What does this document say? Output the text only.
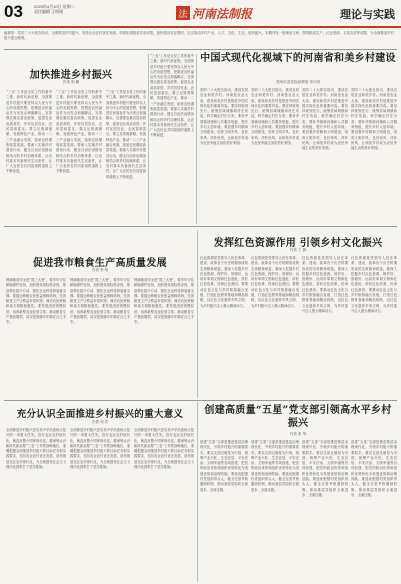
03	2023年4月10日 星期二
责任编辑 王明刚	法 河南法制报	理论与实践
编者按：党的二十大报告指出，全面推进乡村振兴，坚持农业农村优先发展，巩固拓展脱贫攻坚成果，加快建设农业强国，扎实推动乡村产业、人才、文化、生态、组织振兴。本期刊发一组理论文章，围绕粮食生产、红色资源、五星支部等话题，为全面推进乡村振兴建言献策。
加快推进乡村振兴
作者 郭 鹏
“三农”工作是全党工作的重中之重。新时代新征程，全面推进乡村振兴要坚持以人民为中心的发展思想，把增进农民福祉作为出发点和落脚点，完善强农惠农富农政策，促进农业高质高效、乡村宜居宜业、农民富裕富足。要立足资源禀赋，发展特色产业，推动一二三产业融合发展，拓宽农民增收致富渠道。要深入实施乡村建设行动，健全自治法治德治相结合的乡村治理体系，让农村基本具备现代生活条件，让广大农民在共同富裕的道路上不断前进。
“三农”工作是全党工作的重中之重。新时代新征程，全面推进乡村振兴要坚持以人民为中心的发展思想，把增进农民福祉作为出发点和落脚点，完善强农惠农富农政策，促进农业高质高效、乡村宜居宜业、农民富裕富足。要立足资源禀赋，发展特色产业，推动一二三产业融合发展，拓宽农民增收致富渠道。要深入实施乡村建设行动，健全自治法治德治相结合的乡村治理体系，让农村基本具备现代生活条件，让广大农民在共同富裕的道路上不断前进。
“三农”工作是全党工作的重中之重。新时代新征程，全面推进乡村振兴要坚持以人民为中心的发展思想，把增进农民福祉作为出发点和落脚点，完善强农惠农富农政策，促进农业高质高效、乡村宜居宜业、农民富裕富足。要立足资源禀赋，发展特色产业，推动一二三产业融合发展，拓宽农民增收致富渠道。要深入实施乡村建设行动，健全自治法治德治相结合的乡村治理体系，让农村基本具备现代生活条件，让广大农民在共同富裕的道路上不断前进。
“三农”工作是全党工作的重中之重。新时代新征程，全面推进乡村振兴要坚持以人民为中心的发展思想，把增进农民福祉作为出发点和落脚点，完善强农惠农富农政策，促进农业高质高效、乡村宜居宜业、农民富裕富足。要立足资源禀赋，发展特色产业，推动一二三产业融合发展，拓宽农民增收致富渠道。要深入实施乡村建设行动，健全自治法治德治相结合的乡村治理体系，让农村基本具备现代生活条件，让广大农民在共同富裕的道路上不断前进。
中国式现代化视域下的河南省和美乡村建设
郑州市委党校副教授 李长明
党的二十大报告指出，建设宜居宜业和美乡村。河南是农业大省，建设和美乡村是推进中国式现代化的重要内容。要坚持规划先行，统筹县域城镇和村庄布局，科学确定村庄分类；要补齐基础设施和公共服务短板，提升乡村人居环境；要加强乡村精神文明建设，培育文明乡风、良好家风、淳朴民风，让和美乡村成为农民幸福生活的美好家园。
党的二十大报告指出，建设宜居宜业和美乡村。河南是农业大省，建设和美乡村是推进中国式现代化的重要内容。要坚持规划先行，统筹县域城镇和村庄布局，科学确定村庄分类；要补齐基础设施和公共服务短板，提升乡村人居环境；要加强乡村精神文明建设，培育文明乡风、良好家风、淳朴民风，让和美乡村成为农民幸福生活的美好家园。
党的二十大报告指出，建设宜居宜业和美乡村。河南是农业大省，建设和美乡村是推进中国式现代化的重要内容。要坚持规划先行，统筹县域城镇和村庄布局，科学确定村庄分类；要补齐基础设施和公共服务短板，提升乡村人居环境；要加强乡村精神文明建设，培育文明乡风、良好家风、淳朴民风，让和美乡村成为农民幸福生活的美好家园。
党的二十大报告指出，建设宜居宜业和美乡村。河南是农业大省，建设和美乡村是推进中国式现代化的重要内容。要坚持规划先行，统筹县域城镇和村庄布局，科学确定村庄分类；要补齐基础设施和公共服务短板，提升乡村人居环境；要加强乡村精神文明建设，培育文明乡风、良好家风、淳朴民风，让和美乡村成为农民幸福生活的美好家园。
发挥红色资源作用 引领乡村文化振兴
作者 王 静
促进我市粮食生产高质量发展
作者 李 明
保障粮食安全是“国之大者”。要牢牢守住耕地保护红线，加快建设高标准农田，推进种业振兴行动，强化农业科技和装备支撑。要健全种粮农民收益保障机制，完善粮食主产区利益补偿机制，调动农民种粮和地方抓粮积极性。要发展适度规模经营，培育新型农业经营主体，推动粮食生产提质增效，切实把饭碗牢牢端在自己手中。
保障粮食安全是“国之大者”。要牢牢守住耕地保护红线，加快建设高标准农田，推进种业振兴行动，强化农业科技和装备支撑。要健全种粮农民收益保障机制，完善粮食主产区利益补偿机制，调动农民种粮和地方抓粮积极性。要发展适度规模经营，培育新型农业经营主体，推动粮食生产提质增效，切实把饭碗牢牢端在自己手中。
保障粮食安全是“国之大者”。要牢牢守住耕地保护红线，加快建设高标准农田，推进种业振兴行动，强化农业科技和装备支撑。要健全种粮农民收益保障机制，完善粮食主产区利益补偿机制，调动农民种粮和地方抓粮积极性。要发展适度规模经营，培育新型农业经营主体，推动粮食生产提质增效，切实把饭碗牢牢端在自己手中。
红色资源是党领导人民在革命、建设、改革各个历史时期形成的宝贵精神财富。要深入挖掘乡村红色资源，保护好、管理好、运用好革命文物和红色遗址，讲好红色故事，传承红色基因。要推动红色文化与乡村旅游融合发展，打造红色教育基地和精品线路，以红色文化滋养乡风文明，为乡村振兴注入强大精神动力。
红色资源是党领导人民在革命、建设、改革各个历史时期形成的宝贵精神财富。要深入挖掘乡村红色资源，保护好、管理好、运用好革命文物和红色遗址，讲好红色故事，传承红色基因。要推动红色文化与乡村旅游融合发展，打造红色教育基地和精品线路，以红色文化滋养乡风文明，为乡村振兴注入强大精神动力。
红色资源是党领导人民在革命、建设、改革各个历史时期形成的宝贵精神财富。要深入挖掘乡村红色资源，保护好、管理好、运用好革命文物和红色遗址，讲好红色故事，传承红色基因。要推动红色文化与乡村旅游融合发展，打造红色教育基地和精品线路，以红色文化滋养乡风文明，为乡村振兴注入强大精神动力。
红色资源是党领导人民在革命、建设、改革各个历史时期形成的宝贵精神财富。要深入挖掘乡村红色资源，保护好、管理好、运用好革命文物和红色遗址，讲好红色故事，传承红色基因。要推动红色文化与乡村旅游融合发展，打造红色教育基地和精品线路，以红色文化滋养乡风文明，为乡村振兴注入强大精神动力。
充分认识全面推进乡村振兴的重大意义
作者 刘 洋
全面推进乡村振兴是实现中华民族伟大复兴的一项重大任务。没有农业农村现代化，就没有整个国家现代化。要深刻认识新时代新征程“三农”工作的战略地位，准确把握全面推进乡村振兴的目标任务和实践要求，坚持农业农村优先发展，加快推进农业农村现代化，为全面建设社会主义现代化国家打下坚实基础。
全面推进乡村振兴是实现中华民族伟大复兴的一项重大任务。没有农业农村现代化，就没有整个国家现代化。要深刻认识新时代新征程“三农”工作的战略地位，准确把握全面推进乡村振兴的目标任务和实践要求，坚持农业农村优先发展，加快推进农业农村现代化，为全面建设社会主义现代化国家打下坚实基础。
全面推进乡村振兴是实现中华民族伟大复兴的一项重大任务。没有农业农村现代化，就没有整个国家现代化。要深刻认识新时代新征程“三农”工作的战略地位，准确把握全面推进乡村振兴的目标任务和实践要求，坚持农业农村优先发展，加快推进农业农村现代化，为全面建设社会主义现代化国家打下坚实基础。
创建高质量“五星”党支部引领高水平乡村振兴
作者 张 华
创建“五星”支部是推进基层治理现代化、引领乡村振兴的重要抓手。要以支部过硬星为引领，统筹产业兴旺、生态宜居、平安法治、文明幸福等各项创建，把党的政治优势和组织优势转化为发展优势和治理效能。要选优配强村党组织带头人，健全完善考核激励机制，推动基层党组织全面进步、全面过硬。
创建“五星”支部是推进基层治理现代化、引领乡村振兴的重要抓手。要以支部过硬星为引领，统筹产业兴旺、生态宜居、平安法治、文明幸福等各项创建，把党的政治优势和组织优势转化为发展优势和治理效能。要选优配强村党组织带头人，健全完善考核激励机制，推动基层党组织全面进步、全面过硬。
创建“五星”支部是推进基层治理现代化、引领乡村振兴的重要抓手。要以支部过硬星为引领，统筹产业兴旺、生态宜居、平安法治、文明幸福等各项创建，把党的政治优势和组织优势转化为发展优势和治理效能。要选优配强村党组织带头人，健全完善考核激励机制，推动基层党组织全面进步、全面过硬。
创建“五星”支部是推进基层治理现代化、引领乡村振兴的重要抓手。要以支部过硬星为引领，统筹产业兴旺、生态宜居、平安法治、文明幸福等各项创建，把党的政治优势和组织优势转化为发展优势和治理效能。要选优配强村党组织带头人，健全完善考核激励机制，推动基层党组织全面进步、全面过硬。
